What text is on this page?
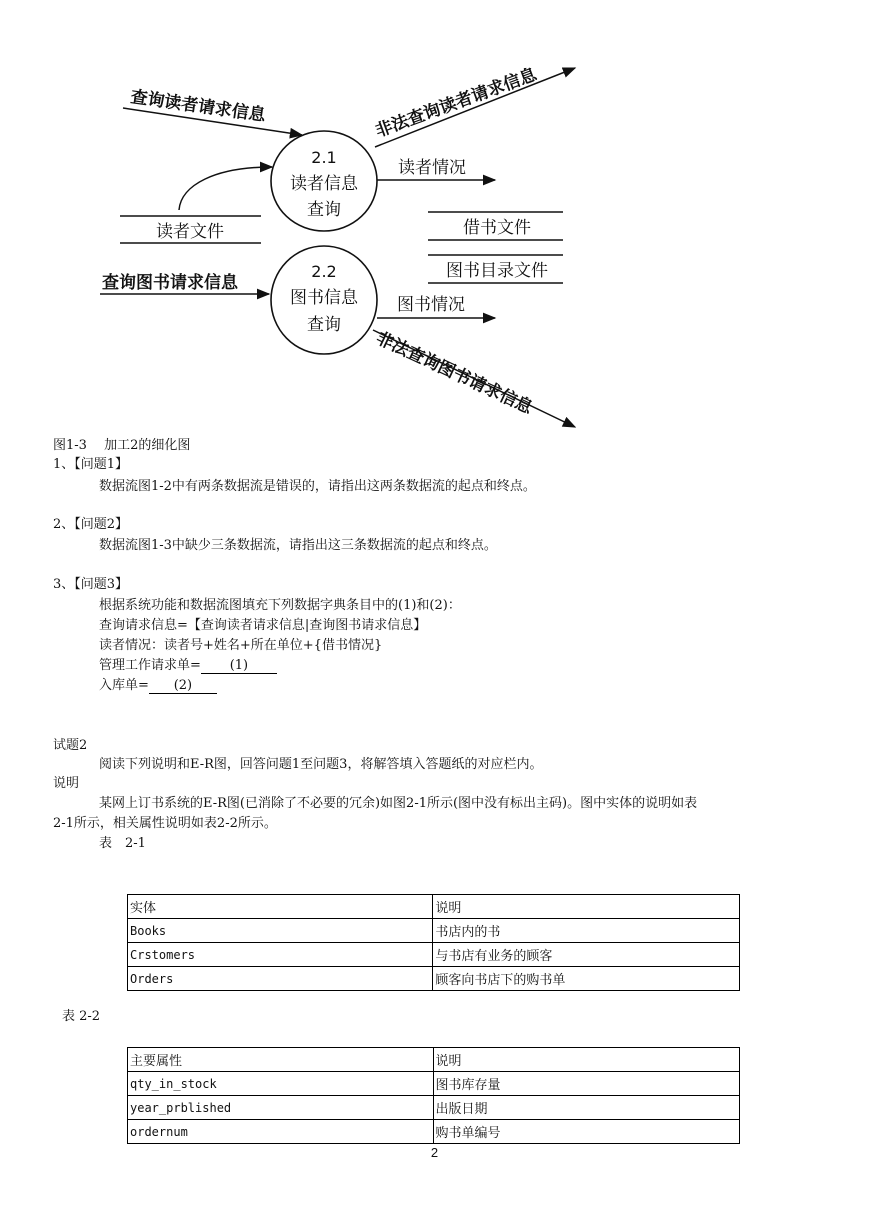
2.1
读者信息
查询
2.2
图书信息
查询
读者文件	借书文件
图书目录文件
查询读者请求信息	非法查询读者请求信息
读者情况
查询图书请求信息
图书情况
非法查询图书请求信息
图1-3　 加工2的细化图
1、【问题1】
数据流图1-2中有两条数据流是错误的，请指出这两条数据流的起点和终点。
2、【问题2】
数据流图1-3中缺少三条数据流，请指出这三条数据流的起点和终点。
3、【问题3】
根据系统功能和数据流图填充下列数据字典条目中的(1)和(2)：
查询请求信息=【查询读者请求信息|查询图书请求信息】
读者情况：读者号+姓名+所在单位+{借书情况}
管理工作请求单= (1)
入库单= (2)
试题2
阅读下列说明和E-R图，回答问题1至问题3，将解答填入答题纸的对应栏内。
说明
某网上订书系统的E-R图(已消除了不必要的冗余)如图2-1所示(图中没有标出主码)。图中实体的说明如表
2-1所示，相关属性说明如表2-2所示。
表　2-1
实体	说明
Books	书店内的书
Crstomers	与书店有业务的顾客
Orders	顾客向书店下的购书单
表 2-2
主要属性	说明
qty_in_stock	图书库存量
year_prblished	出版日期
ordernum	购书单编号
2
